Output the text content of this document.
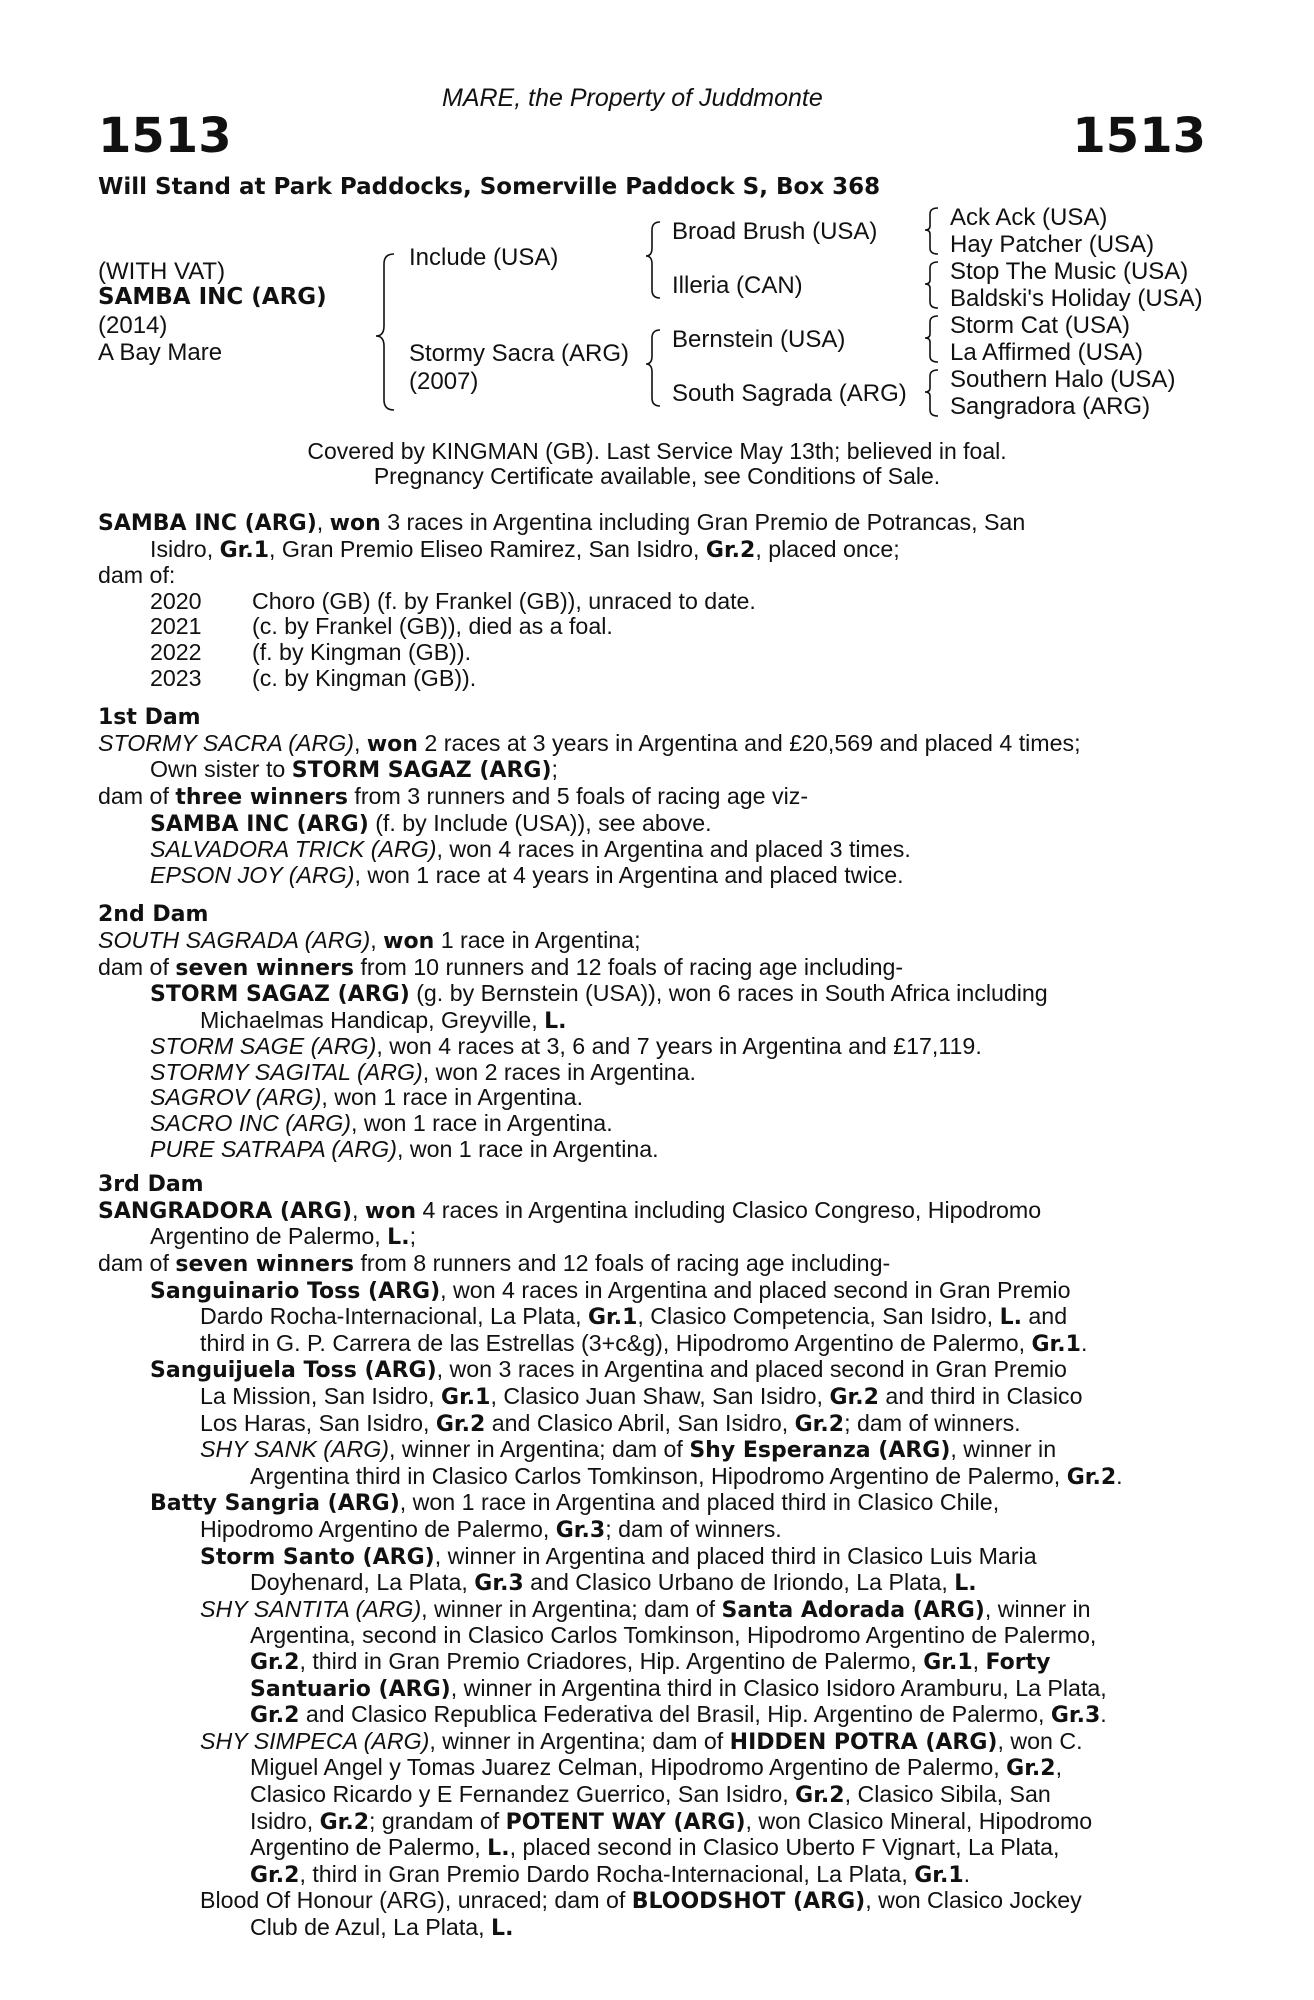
MARE, the Property of Juddmonte
1513	1513
Will Stand at Park Paddocks, Somerville Paddock S, Box 368
(WITH VAT)
SAMBA INC (ARG)
(2014)
A Bay Mare
Include (USA)
Stormy Sacra (ARG)
(2007)
Broad Brush (USA)
Illeria (CAN)
Bernstein (USA)
South Sagrada (ARG)
Ack Ack (USA)
Hay Patcher (USA)
Stop The Music (USA)
Baldski's Holiday (USA)
Storm Cat (USA)
La Affirmed (USA)
Southern Halo (USA)
Sangradora (ARG)
Covered by KINGMAN (GB). Last Service May 13th; believed in foal.
Pregnancy Certificate available, see Conditions of Sale.
SAMBA INC (ARG), won 3 races in Argentina including Gran Premio de Potrancas, San
Isidro, Gr.1, Gran Premio Eliseo Ramirez, San Isidro, Gr.2, placed once;
dam of:
2020 Choro (GB) (f. by Frankel (GB)), unraced to date.
2021 (c. by Frankel (GB)), died as a foal.
2022 (f. by Kingman (GB)).
2023 (c. by Kingman (GB)).
1st Dam
STORMY SACRA (ARG), won 2 races at 3 years in Argentina and £20,569 and placed 4 times;
Own sister to STORM SAGAZ (ARG);
dam of three winners from 3 runners and 5 foals of racing age viz-
SAMBA INC (ARG) (f. by Include (USA)), see above.
SALVADORA TRICK (ARG), won 4 races in Argentina and placed 3 times.
EPSON JOY (ARG), won 1 race at 4 years in Argentina and placed twice.
2nd Dam
SOUTH SAGRADA (ARG), won 1 race in Argentina;
dam of seven winners from 10 runners and 12 foals of racing age including-
STORM SAGAZ (ARG) (g. by Bernstein (USA)), won 6 races in South Africa including
Michaelmas Handicap, Greyville, L.
STORM SAGE (ARG), won 4 races at 3, 6 and 7 years in Argentina and £17,119.
STORMY SAGITAL (ARG), won 2 races in Argentina.
SAGROV (ARG), won 1 race in Argentina.
SACRO INC (ARG), won 1 race in Argentina.
PURE SATRAPA (ARG), won 1 race in Argentina.
3rd Dam
SANGRADORA (ARG), won 4 races in Argentina including Clasico Congreso, Hipodromo
Argentino de Palermo, L.;
dam of seven winners from 8 runners and 12 foals of racing age including-
Sanguinario Toss (ARG), won 4 races in Argentina and placed second in Gran Premio
Dardo Rocha-Internacional, La Plata, Gr.1, Clasico Competencia, San Isidro, L. and
third in G. P. Carrera de las Estrellas (3+c&g), Hipodromo Argentino de Palermo, Gr.1.
Sanguijuela Toss (ARG), won 3 races in Argentina and placed second in Gran Premio
La Mission, San Isidro, Gr.1, Clasico Juan Shaw, San Isidro, Gr.2 and third in Clasico
Los Haras, San Isidro, Gr.2 and Clasico Abril, San Isidro, Gr.2; dam of winners.
SHY SANK (ARG), winner in Argentina; dam of Shy Esperanza (ARG), winner in
Argentina third in Clasico Carlos Tomkinson, Hipodromo Argentino de Palermo, Gr.2.
Batty Sangria (ARG), won 1 race in Argentina and placed third in Clasico Chile,
Hipodromo Argentino de Palermo, Gr.3; dam of winners.
Storm Santo (ARG), winner in Argentina and placed third in Clasico Luis Maria
Doyhenard, La Plata, Gr.3 and Clasico Urbano de Iriondo, La Plata, L.
SHY SANTITA (ARG), winner in Argentina; dam of Santa Adorada (ARG), winner in
Argentina, second in Clasico Carlos Tomkinson, Hipodromo Argentino de Palermo,
Gr.2, third in Gran Premio Criadores, Hip. Argentino de Palermo, Gr.1, Forty
Santuario (ARG), winner in Argentina third in Clasico Isidoro Aramburu, La Plata,
Gr.2 and Clasico Republica Federativa del Brasil, Hip. Argentino de Palermo, Gr.3.
SHY SIMPECA (ARG), winner in Argentina; dam of HIDDEN POTRA (ARG), won C.
Miguel Angel y Tomas Juarez Celman, Hipodromo Argentino de Palermo, Gr.2,
Clasico Ricardo y E Fernandez Guerrico, San Isidro, Gr.2, Clasico Sibila, San
Isidro, Gr.2; grandam of POTENT WAY (ARG), won Clasico Mineral, Hipodromo
Argentino de Palermo, L., placed second in Clasico Uberto F Vignart, La Plata,
Gr.2, third in Gran Premio Dardo Rocha-Internacional, La Plata, Gr.1.
Blood Of Honour (ARG), unraced; dam of BLOODSHOT (ARG), won Clasico Jockey
Club de Azul, La Plata, L.
